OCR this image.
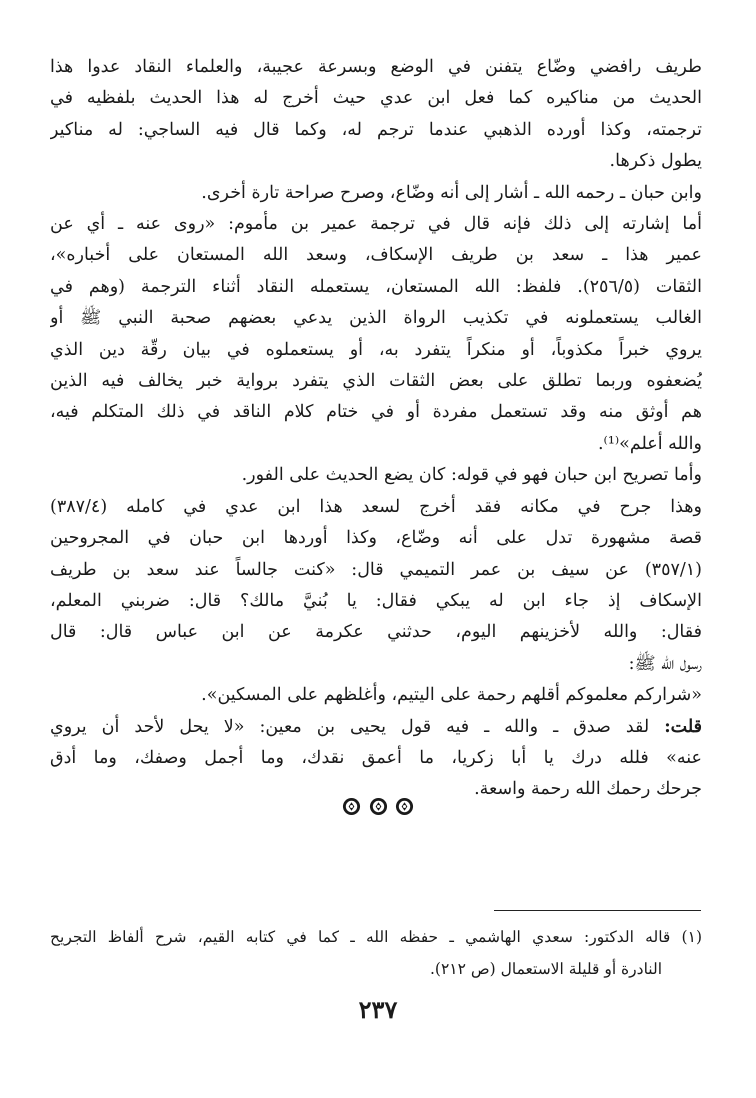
طريف رافضي وضّاع يتفنن في الوضع وبسرعة عجيبة، والعلماء النقاد عدوا هذا
الحديث من مناكيره كما فعل ابن عدي حيث أخرج له هذا الحديث بلفظيه في
ترجمته، وكذا أورده الذهبي عندما ترجم له، وكما قال فيه الساجي: له مناكير
يطول ذكرها.
وابن حبان ـ رحمه الله ـ أشار إلى أنه وضّاع، وصرح صراحة تارة أخرى.
أما إشارته إلى ذلك فإنه قال في ترجمة عمير بن مأموم: «روى عنه ـ أي عن
عمير هذا ـ سعد بن طريف الإسكاف، وسعد الله المستعان على أخباره»،
الثقات (٢٥٦/٥). فلفظ: الله المستعان، يستعمله النقاد أثناء الترجمة (وهم في
الغالب يستعملونه في تكذيب الرواة الذين يدعي بعضهم صحبة النبي ﷺ أو
يروي خبراً مكذوباً، أو منكراً يتفرد به، أو يستعملوه في بيان رقّة دين الذي
يُضعفوه وربما تطلق على بعض الثقات الذي يتفرد برواية خبر يخالف فيه الذين
هم أوثق منه وقد تستعمل مفردة أو في ختام كلام الناقد في ذلك المتكلم فيه،
والله أعلم»⁽¹⁾.
وأما تصريح ابن حبان فهو في قوله: كان يضع الحديث على الفور.
وهذا جرح في مكانه فقد أخرج لسعد هذا ابن عدي في كامله (٣٨٧/٤)
قصة مشهورة تدل على أنه وضّاع، وكذا أوردها ابن حبان في المجروحين
(٣٥٧/١) عن سيف بن عمر التميمي قال: «كنت جالساً عند سعد بن طريف
الإسكاف إذ جاء ابن له يبكي فقال: يا بُنيَّ مالك؟ قال: ضربني المعلم،
فقال: والله لأخزينهم اليوم، حدثني عكرمة عن ابن عباس قال: قال
رسول الله ﷺ:
«شراركم معلموكم أقلهم رحمة على اليتيم، وأغلظهم على المسكين».
قلت: لقد صدق ـ والله ـ فيه قول يحيى بن معين: «لا يحل لأحد أن يروي
عنه» فلله درك يا أبا زكريا، ما أعمق نقدك، وما أجمل وصفك، وما أدق
جرحك رحمك الله رحمة واسعة.

(١) قاله الدكتور: سعدي الهاشمي ـ حفظه الله ـ كما في كتابه القيم، شرح ألفاظ التجريح
النادرة أو قليلة الاستعمال (ص ٢١٢).
٢٣٧
